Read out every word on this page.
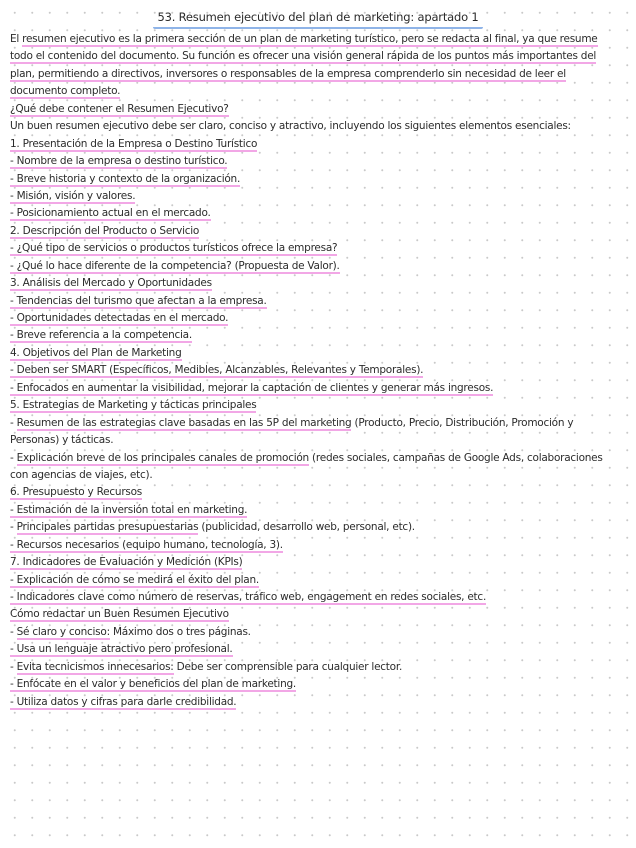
53. Resumen ejecutivo del plan de marketing: apartado 1
El resumen ejecutivo es la primera sección de un plan de marketing turístico, pero se redacta al final, ya que resume
todo el contenido del documento. Su función es ofrecer una visión general rápida de los puntos más importantes del
plan, permitiendo a directivos, inversores o responsables de la empresa comprenderlo sin necesidad de leer el
documento completo.
¿Qué debe contener el Resumen Ejecutivo?
Un buen resumen ejecutivo debe ser claro, conciso y atractivo, incluyendo los siguientes elementos esenciales:
1. Presentación de la Empresa o Destino Turístico
- Nombre de la empresa o destino turístico.
- Breve historia y contexto de la organización.
- Misión, visión y valores.
- Posicionamiento actual en el mercado.
2. Descripción del Producto o Servicio
- ¿Qué tipo de servicios o productos turísticos ofrece la empresa?
- ¿Qué lo hace diferente de la competencia? (Propuesta de Valor).
3. Análisis del Mercado y Oportunidades
- Tendencias del turismo que afectan a la empresa.
- Oportunidades detectadas en el mercado.
- Breve referencia a la competencia.
4. Objetivos del Plan de Marketing
- Deben ser SMART (Específicos, Medibles, Alcanzables, Relevantes y Temporales).
- Enfocados en aumentar la visibilidad, mejorar la captación de clientes y generar más ingresos.
5. Estrategias de Marketing y tácticas principales
- Resumen de las estrategias clave basadas en las 5P del marketing (Producto, Precio, Distribución, Promoción y
Personas) y tácticas.
- Explicación breve de los principales canales de promoción (redes sociales, campañas de Google Ads, colaboraciones
con agencias de viajes, etc).
6. Presupuesto y Recursos
- Estimación de la inversión total en marketing.
- Principales partidas presupuestarias (publicidad, desarrollo web, personal, etc).
- Recursos necesarios (equipo humano, tecnología, 3).
7. Indicadores de Evaluación y Medición (KPIs)
- Explicación de cómo se medirá el éxito del plan.
- Indicadores clave como número de reservas, tráfico web, engagement en redes sociales, etc.
Cómo redactar un Buen Resumen Ejecutivo
- Sé claro y conciso: Máximo dos o tres páginas.
- Usa un lenguaje atractivo pero profesional.
- Evita tecnicismos innecesarios: Debe ser comprensible para cualquier lector.
- Enfócate en el valor y beneficios del plan de marketing.
- Utiliza datos y cifras para darle credibilidad.
